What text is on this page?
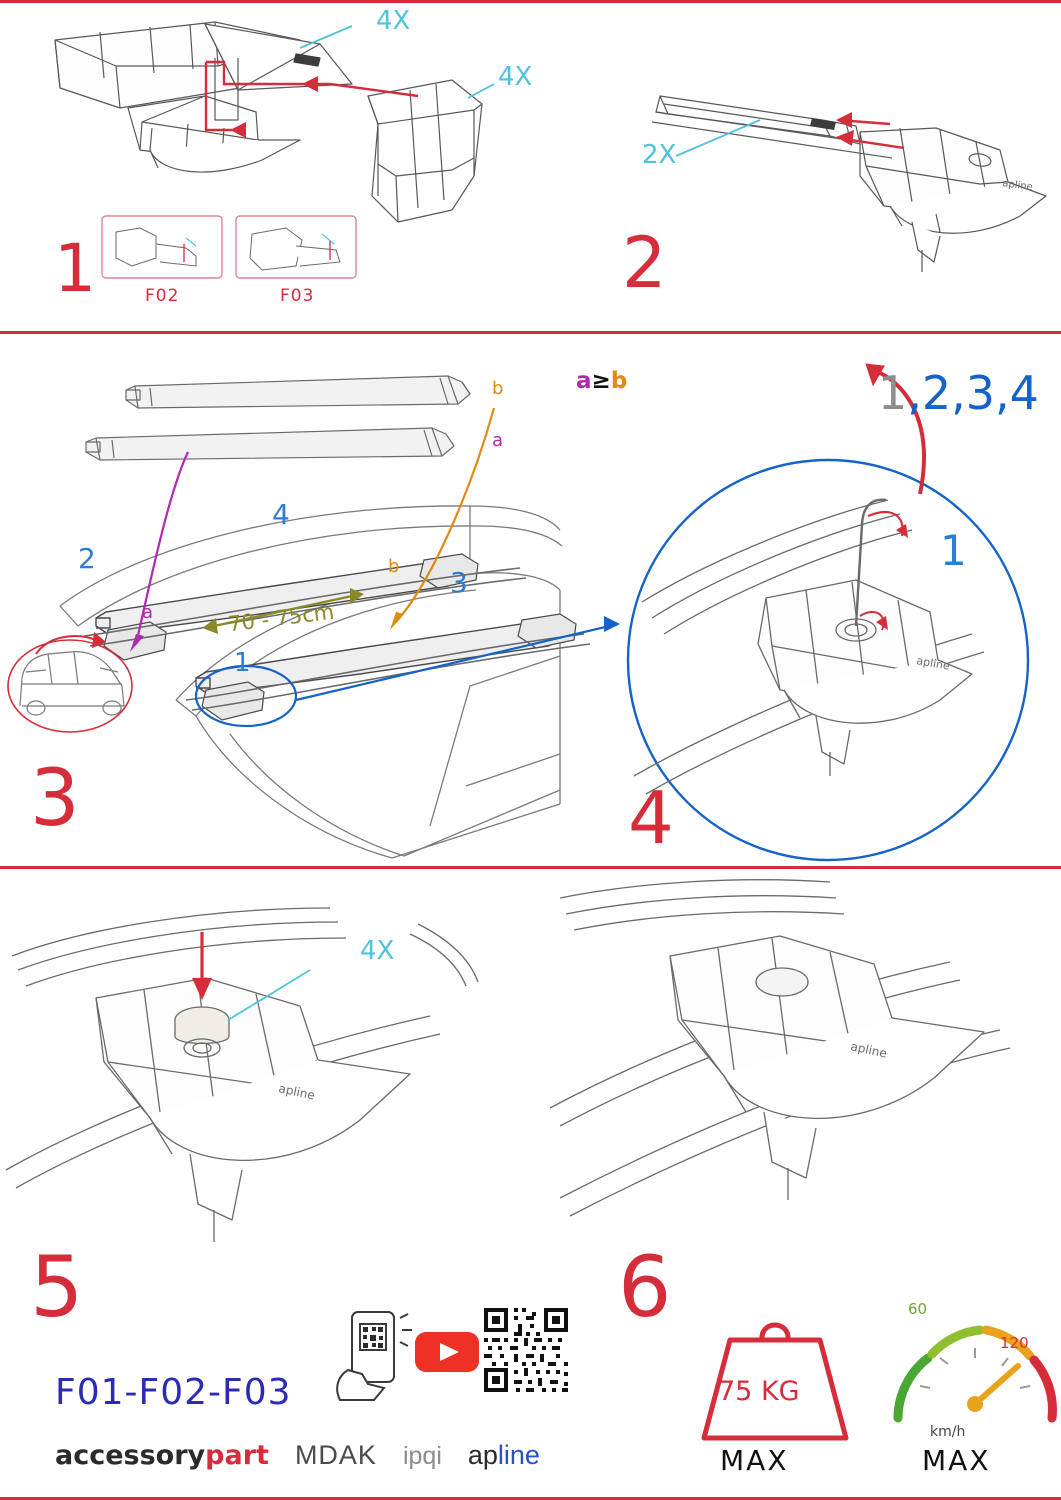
4X
4X
F02	F03
1
apline
2X
2
b
a
a
b
2
4
3
1
70 - 75cm
3
a≥b
apline
1,2,3,4
1
4
apline
4X
apline
5	6
F01-F02-F03
accessorypart MDAK ipqi apline
75 KG
MAX
60
120
km/h
MAX
